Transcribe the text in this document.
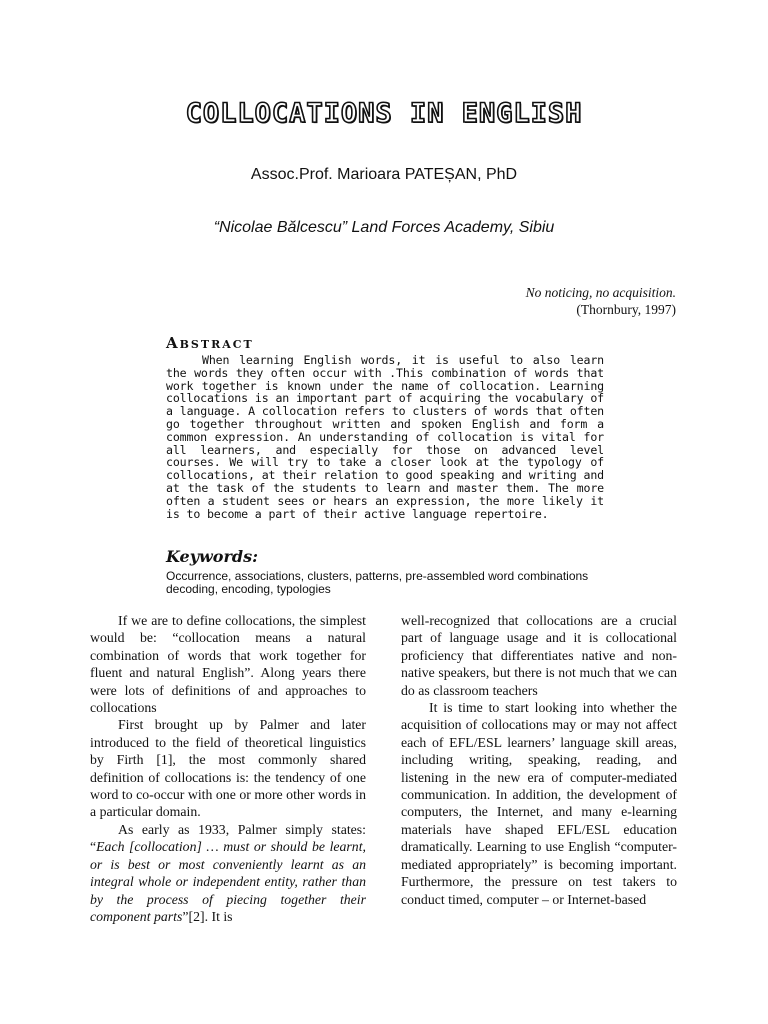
COLLOCATIONS IN ENGLISH
Assoc.Prof. Marioara PATEȘAN, PhD
“Nicolae Bălcescu” Land Forces Academy, Sibiu
No noticing, no acquisition.
(Thornbury, 1997)
Abstract
When learning English words, it is useful to also learn the words they often occur with .This combination of words that work together is known under the name of collocation. Learning collocations is an important part of acquiring the vocabulary of a language. A collocation refers to clusters of words that often go together throughout written and spoken English and form a common expression. An understanding of collocation is vital for all learners, and especially for those on advanced level courses. We will try to take a closer look at the typology of collocations, at their relation to good speaking and writing and at the task of the students to learn and master them. The more often a student sees or hears an expression, the more likely it is to become a part of their active language repertoire.
Keywords:
Occurrence, associations, clusters, patterns, pre-assembled word combinations decoding, encoding, typologies

If we are to define collocations, the simplest would be: “collocation means a natural combination of words that work together for fluent and natural English”. Along years there were lots of definitions of and approaches to collocations

First brought up by Palmer and later introduced to the field of theoretical linguistics by Firth [1], the most commonly shared definition of collocations is: the tendency of one word to co-occur with one or more other words in a particular domain.

As early as 1933, Palmer simply states: “Each [collocation] … must or should be learnt, or is best or most conveniently learnt as an integral whole or independent entity, rather than by the process of piecing together their component parts”[2]. It is

well-recognized that collocations are a crucial part of language usage and it is collocational proficiency that differentiates native and non-native speakers, but there is not much that we can do as classroom teachers

It is time to start looking into whether the acquisition of collocations may or may not affect each of EFL/ESL learners’ language skill areas, including writing, speaking, reading, and listening in the new era of computer-mediated communication. In addition, the development of computers, the Internet, and many e-learning materials have shaped EFL/ESL education dramatically. Learning to use English “computer-mediated appropriately” is becoming important. Furthermore, the pressure on test takers to conduct timed, computer – or Internet-based
